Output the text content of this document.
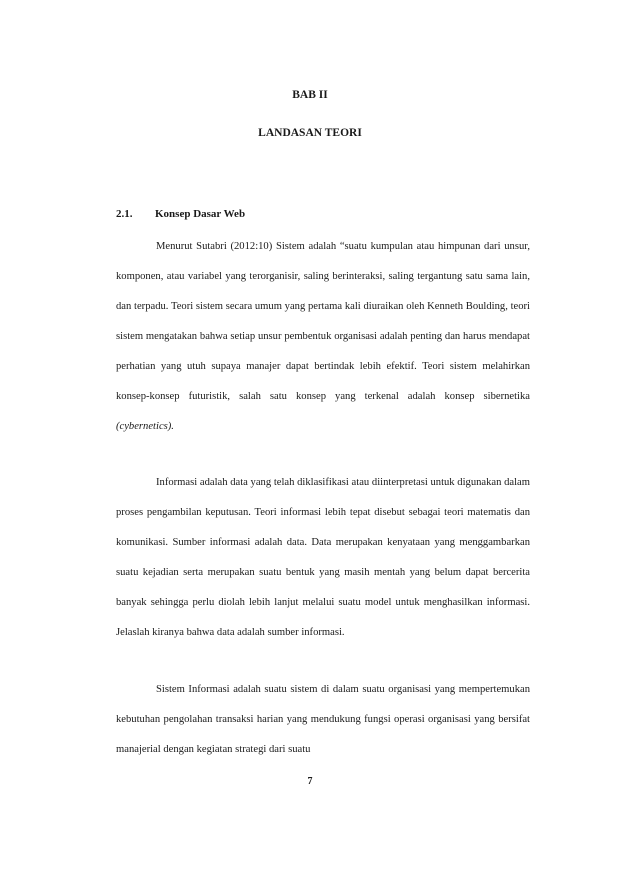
BAB II
LANDASAN TEORI
2.1. Konsep Dasar Web

Menurut Sutabri (2012:10) Sistem adalah “suatu kumpulan atau himpunan dari unsur, komponen, atau variabel yang terorganisir, saling berinteraksi, saling tergantung satu sama lain, dan terpadu. Teori sistem secara umum yang pertama kali diuraikan oleh Kenneth Boulding, teori sistem mengatakan bahwa setiap unsur pembentuk organisasi adalah penting dan harus mendapat perhatian yang utuh supaya manajer dapat bertindak lebih efektif. Teori sistem melahirkan konsep-konsep futuristik, salah satu konsep yang terkenal adalah konsep sibernetika (cybernetics).

Informasi adalah data yang telah diklasifikasi atau diinterpretasi untuk digunakan dalam proses pengambilan keputusan. Teori informasi lebih tepat disebut sebagai teori matematis dan komunikasi. Sumber informasi adalah data. Data merupakan kenyataan yang menggambarkan suatu kejadian serta merupakan suatu bentuk yang masih mentah yang belum dapat bercerita banyak sehingga perlu diolah lebih lanjut melalui suatu model untuk menghasilkan informasi. Jelaslah kiranya bahwa data adalah sumber informasi.

Sistem Informasi adalah suatu sistem di dalam suatu organisasi yang mempertemukan kebutuhan pengolahan transaksi harian yang mendukung fungsi operasi organisasi yang bersifat manajerial dengan kegiatan strategi dari suatu

7
